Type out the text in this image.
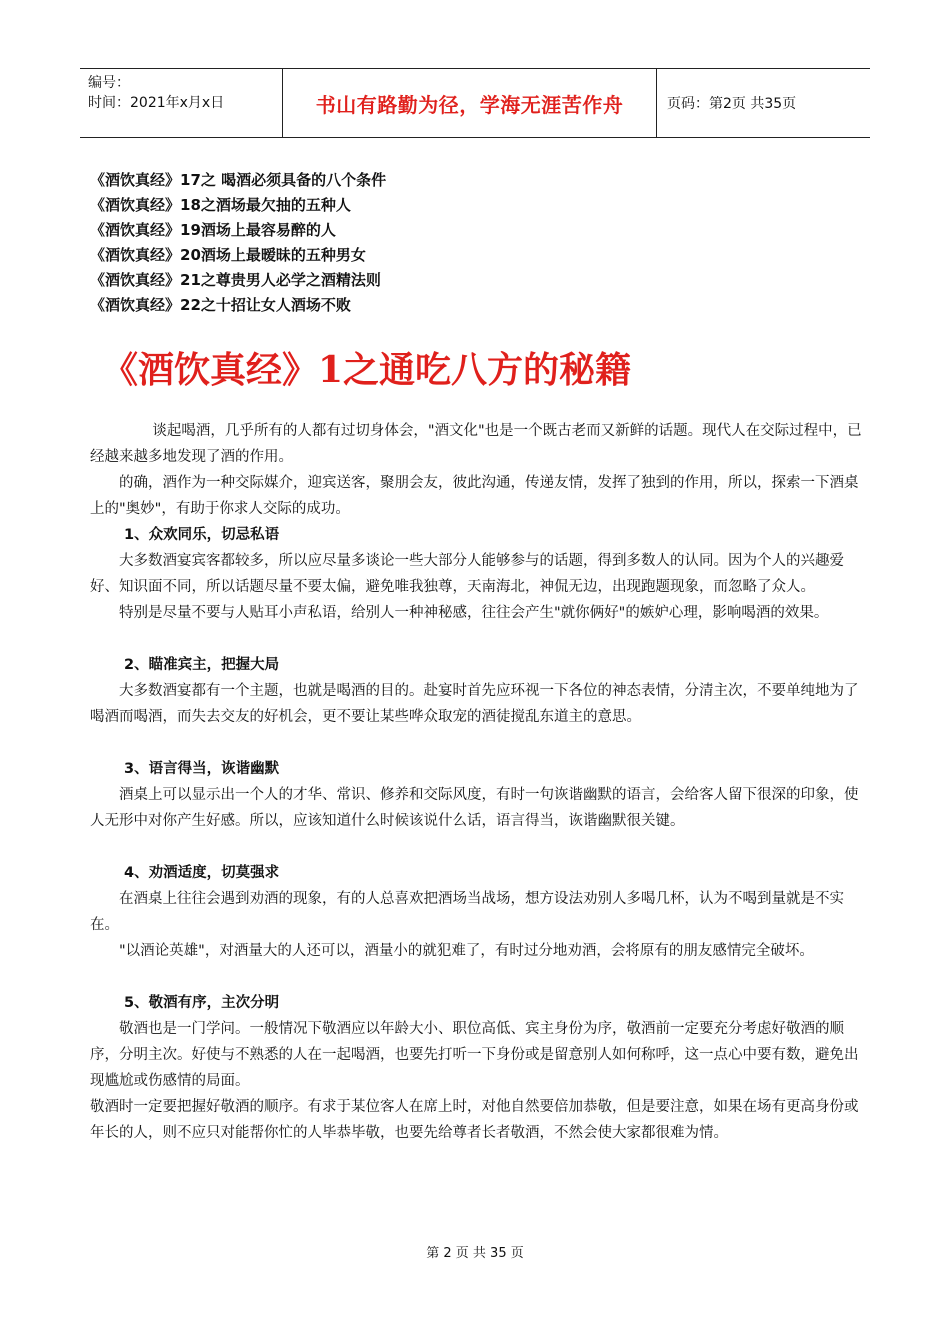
编号：
时间：2021年x月x日	书山有路勤为径，学海无涯苦作舟	页码：第2页 共35页
《酒饮真经》17之 喝酒必须具备的八个条件
《酒饮真经》18之酒场最欠抽的五种人
《酒饮真经》19酒场上最容易醉的人
《酒饮真经》20酒场上最暧昧的五种男女
《酒饮真经》21之尊贵男人必学之酒精法则
《酒饮真经》22之十招让女人酒场不败
《酒饮真经》1之通吃八方的秘籍

谈起喝酒，几乎所有的人都有过切身体会，"酒文化"也是一个既古老而又新鲜的话题。现代人在交际过程中，已经越来越多地发现了酒的作用。

的确，酒作为一种交际媒介，迎宾送客，聚朋会友，彼此沟通，传递友情，发挥了独到的作用，所以，探索一下酒桌上的"奥妙"，有助于你求人交际的成功。

1、众欢同乐，切忌私语

大多数酒宴宾客都较多，所以应尽量多谈论一些大部分人能够参与的话题，得到多数人的认同。因为个人的兴趣爱好、知识面不同，所以话题尽量不要太偏，避免唯我独尊，天南海北，神侃无边，出现跑题现象，而忽略了众人。

特别是尽量不要与人贴耳小声私语，给别人一种神秘感，往往会产生"就你俩好"的嫉妒心理，影响喝酒的效果。

2、瞄准宾主，把握大局

大多数酒宴都有一个主题，也就是喝酒的目的。赴宴时首先应环视一下各位的神态表情，分清主次，不要单纯地为了喝酒而喝酒，而失去交友的好机会，更不要让某些哗众取宠的酒徒搅乱东道主的意思。

3、语言得当，诙谐幽默

酒桌上可以显示出一个人的才华、常识、修养和交际风度，有时一句诙谐幽默的语言，会给客人留下很深的印象，使人无形中对你产生好感。所以，应该知道什么时候该说什么话，语言得当，诙谐幽默很关键。

4、劝酒适度，切莫强求

在酒桌上往往会遇到劝酒的现象，有的人总喜欢把酒场当战场，想方设法劝别人多喝几杯，认为不喝到量就是不实在。

"以酒论英雄"，对酒量大的人还可以，酒量小的就犯难了，有时过分地劝酒，会将原有的朋友感情完全破坏。

5、敬酒有序，主次分明

敬酒也是一门学问。一般情况下敬酒应以年龄大小、职位高低、宾主身份为序，敬酒前一定要充分考虑好敬酒的顺序，分明主次。好使与不熟悉的人在一起喝酒，也要先打听一下身份或是留意别人如何称呼，这一点心中要有数，避免出现尴尬或伤感情的局面。

敬酒时一定要把握好敬酒的顺序。有求于某位客人在席上时，对他自然要倍加恭敬，但是要注意，如果在场有更高身份或年长的人，则不应只对能帮你忙的人毕恭毕敬，也要先给尊者长者敬酒，不然会使大家都很难为情。

第 2 页 共 35 页
